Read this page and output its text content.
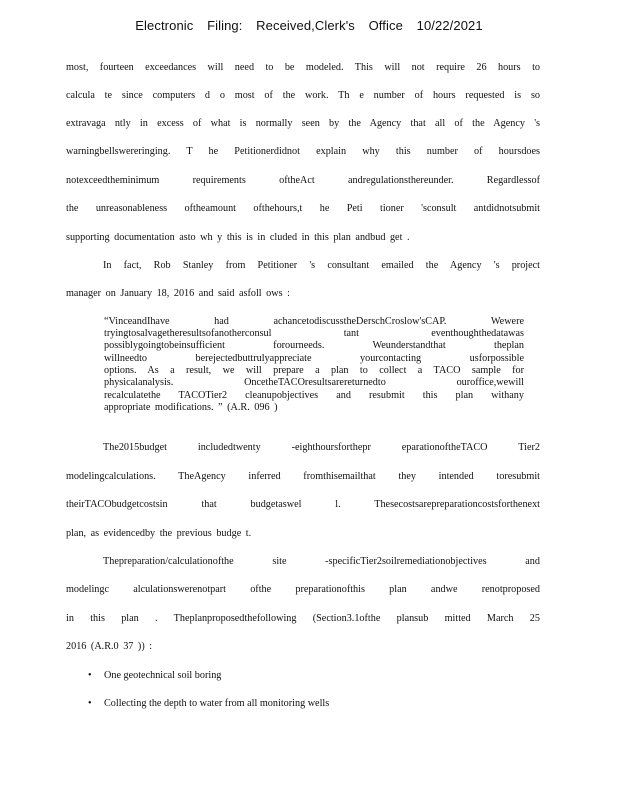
Electronic Filing: Received,Clerk's Office 10/22/2021
most, fourteen exceedances will need to be modeled. This will not require 26 hours to
calcula te since computers d o most of the work. Th e number of hours requested is so
extravaga ntly in excess of what is normally seen by the Agency that all of the Agency 's
warningbellswereringing. T he Petitionerdidnot explain why this number of hoursdoes
notexceedtheminimum requirements oftheAct andregulationsthereunder. Regardlessof
the unreasonableness oftheamount ofthehours,t he Peti tioner 'sconsult antdidnotsubmit
supporting documentation asto wh y this is in cluded in this plan andbud get .
In fact, Rob Stanley from Petitioner 's consultant emailed the Agency 's project
manager on January 18, 2016 and said asfoll ows :
“VinceandIhave had achancetodiscusstheDerschCroslow'sCAP. Wewere
tryingtosalvagetheresultsofanotherconsul tant eventhoughthedatawas
possiblygoingtobeinsufficient forourneeds. Weunderstandthat theplan
willneedto berejectedbuttrulyappreciate yourcontacting usforpossible
options. As a result, we will prepare a plan to collect a TACO sample for
physicalanalysis. OncetheTACOresultsarereturnedto ouroffice,wewill
recalculatethe TACOTier2 cleanupobjectives and resubmit this plan withany
appropriate modifications. ” (A.R. 096 )
The2015budget includedtwenty -eighthoursforthepr eparationoftheTACO Tier2
modelingcalculations. TheAgency inferred fromthisemailthat they intended toresubmit
theirTACObudgetcostsin that budgetaswel l. Thesecostsarepreparationcostsforthenext
plan, as evidencedby the previous budge t.
Thepreparation/calculationofthe site -specificTier2soilremediationobjectives and
modelingc alculationswerenotpart ofthe preparationofthis plan andwe renotproposed
in this plan . Theplanproposedthefollowing (Section3.1ofthe plansub mitted March 25
2016 (A.R.0 37 )) :
• One geotechnical soil boring
• Collecting the depth to water from all monitoring wells
